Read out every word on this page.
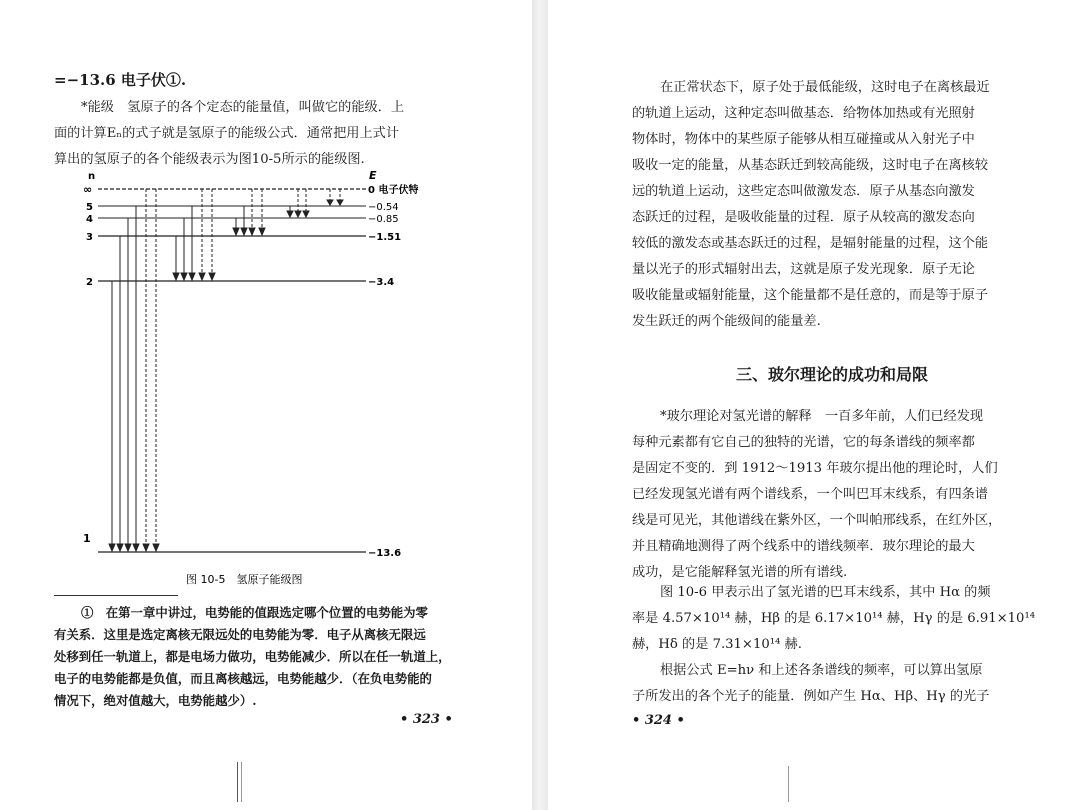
=−13.6 电子伏①.
*能级　氢原子的各个定态的能量值，叫做它的能级．上
面的计算Eₙ的式子就是氢原子的能级公式．通常把用上式计
算出的氢原子的各个能级表示为图10-5所示的能级图.
n	E
∞	0 电子伏特
5	−0.54
4	−0.85
3	−1.51
2	−3.4
1
−13.6
图 10-5　氢原子能级图
①　在第一章中讲过，电势能的值跟选定哪个位置的电势能为零
有关系．这里是选定离核无限远处的电势能为零．电子从离核无限远
处移到任一轨道上，都是电场力做功，电势能减少．所以在任一轨道上，
电子的电势能都是负值，而且离核越远，电势能越少．（在负电势能的
情况下，绝对值越大，电势能越少）.
• 323 •
在正常状态下，原子处于最低能级，这时电子在离核最近
的轨道上运动，这种定态叫做基态．给物体加热或有光照射
物体时，物体中的某些原子能够从相互碰撞或从入射光子中
吸收一定的能量，从基态跃迁到较高能级，这时电子在离核较
远的轨道上运动，这些定态叫做激发态．原子从基态向激发
态跃迁的过程，是吸收能量的过程．原子从较高的激发态向
较低的激发态或基态跃迁的过程，是辐射能量的过程，这个能
量以光子的形式辐射出去，这就是原子发光现象．原子无论
吸收能量或辐射能量，这个能量都不是任意的，而是等于原子
发生跃迁的两个能级间的能量差.
三、玻尔理论的成功和局限
*玻尔理论对氢光谱的解释　一百多年前，人们已经发现
每种元素都有它自己的独特的光谱，它的每条谱线的频率都
是固定不变的．到 1912～1913 年玻尔提出他的理论时，人们
已经发现氢光谱有两个谱线系，一个叫巴耳末线系，有四条谱
线是可见光，其他谱线在紫外区，一个叫帕邢线系，在红外区，
并且精确地测得了两个线系中的谱线频率．玻尔理论的最大
成功，是它能解释氢光谱的所有谱线.
图 10-6 甲表示出了氢光谱的巴耳末线系，其中 Hα 的频
率是 4.57×10¹⁴ 赫，Hβ 的是 6.17×10¹⁴ 赫，Hγ 的是 6.91×10¹⁴
赫，Hδ 的是 7.31×10¹⁴ 赫.
根据公式 E=hν 和上述各条谱线的频率，可以算出氢原
子所发出的各个光子的能量．例如产生 Hα、Hβ、Hγ 的光子
• 324 •
